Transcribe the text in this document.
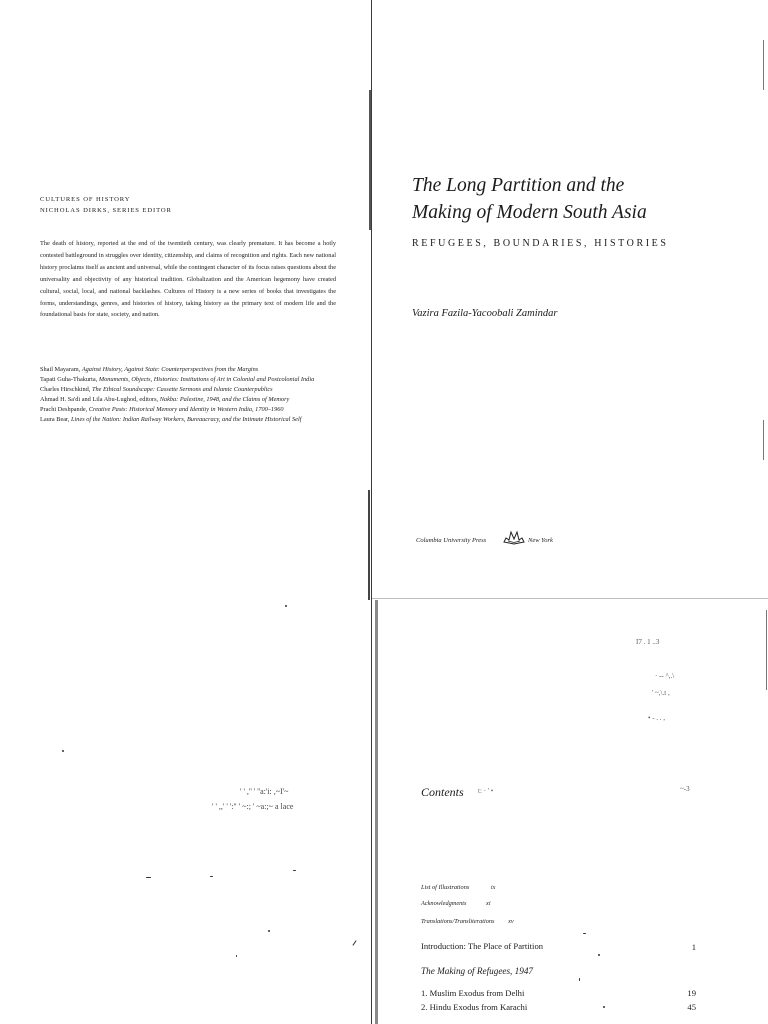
CULTURES OF HISTORY
NICHOLAS DIRKS, SERIES EDITOR
The death of history, reported at the end of the twentieth century, was clearly premature. It has become a hotly contested battleground in struggles over identity, citizenship, and claims of recognition and rights. Each new national history proclaims itself as ancient and universal, while the contingent character of its focus raises questions about the universality and objectivity of any historical tradition. Globalization and the American hegemony have created cultural, social, local, and national backlashes. Cultures of History is a new series of books that investigates the forms, understandings, genres, and histories of history, taking history as the primary text of modern life and the foundational basis for state, society, and nation.
Shail Mayaram, Against History, Against State: Counterperspectives from the Margins
Tapati Guha-Thakurta, Monuments, Objects, Histories: Institutions of Art in Colonial and Postcolonial India
Charles Hirschkind, The Ethical Soundscape: Cassette Sermons and Islamic Counterpublics
Ahmad H. Sa'di and Lila Abu-Lughod, editors, Nakba: Palestine, 1948, and the Claims of Memory
Prachi Deshpande, Creative Pasts: Historical Memory and Identity in Western India, 1700–1960
Laura Bear, Lines of the Nation: Indian Railway Workers, Bureaucracy, and the Intimate Historical Self
' ' ,'' ' ''a:'i: ,~I'~
' ' ,,' ' ':" ' ~:; ' ~a:;~ a lace
The Long Partition and the
Making of Modern South Asia
REFUGEES, BOUNDARIES, HISTORIES
Vazira Fazila-Yacoobali Zamindar
Columbia University Press	New York
I7 . 1 ..3
· -- ^,.\
' ~,\.t ,
• - . . ,
~-3
Contents t: · ' •
List of Illustrations	ix
Acknowledgments	xi
Translations/Transliterations xv
Introduction: The Place of Partition	1
The Making of Refugees, 1947
1. Muslim Exodus from Delhi	19
2. Hindu Exodus from Karachi	45
